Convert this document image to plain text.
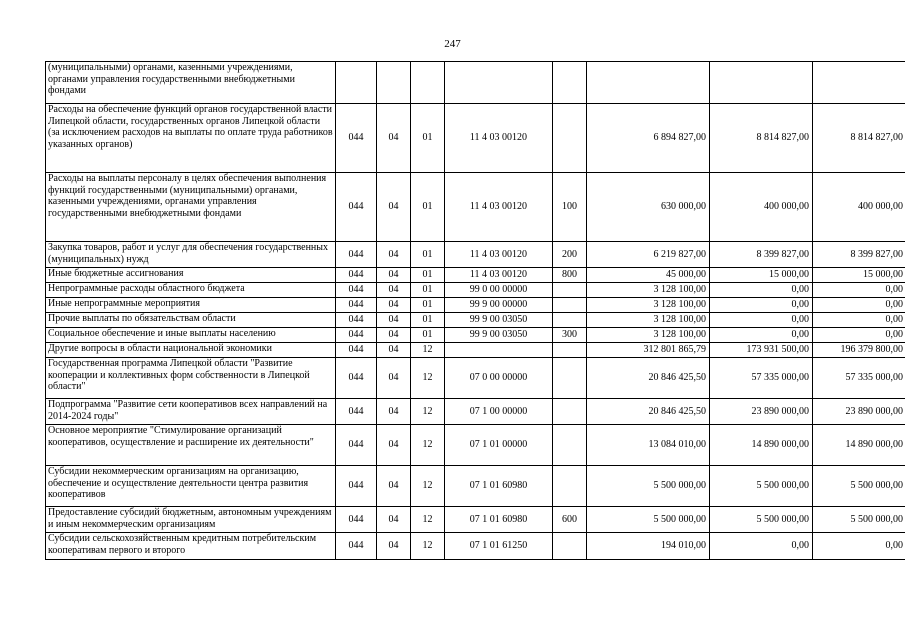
247
(муниципальными) органами, казенными учреждениями, органами управления государственными внебюджетными фондами								
Расходы на обеспечение функций органов государственной власти Липецкой области, государственных органов Липецкой области (за исключением расходов на выплаты по оплате труда работников указанных органов)	044	04	01	11 4 03 00120		6 894 827,00	8 814 827,00	8 814 827,00
Расходы на выплаты персоналу в целях обеспечения выполнения функций государственными (муниципальными) органами, казенными учреждениями, органами управления государственными внебюджетными фондами	044	04	01	11 4 03 00120	100	630 000,00	400 000,00	400 000,00
Закупка товаров, работ и услуг для обеспечения государственных (муниципальных) нужд	044	04	01	11 4 03 00120	200	6 219 827,00	8 399 827,00	8 399 827,00
Иные бюджетные ассигнования	044	04	01	11 4 03 00120	800	45 000,00	15 000,00	15 000,00
Непрограммные расходы областного бюджета	044	04	01	99 0 00 00000		3 128 100,00	0,00	0,00
Иные непрограммные мероприятия	044	04	01	99 9 00 00000		3 128 100,00	0,00	0,00
Прочие выплаты по обязательствам области	044	04	01	99 9 00 03050		3 128 100,00	0,00	0,00
Социальное обеспечение и иные выплаты населению	044	04	01	99 9 00 03050	300	3 128 100,00	0,00	0,00
Другие вопросы в области национальной экономики	044	04	12			312 801 865,79	173 931 500,00	196 379 800,00
Государственная программа Липецкой области "Развитие кооперации и коллективных форм собственности в Липецкой области"	044	04	12	07 0 00 00000		20 846 425,50	57 335 000,00	57 335 000,00
Подпрограмма "Развитие сети кооперативов всех направлений на 2014-2024 годы"	044	04	12	07 1 00 00000		20 846 425,50	23 890 000,00	23 890 000,00
Основное мероприятие "Стимулирование организаций кооперативов, осуществление и расширение их деятельности"	044	04	12	07 1 01 00000		13 084 010,00	14 890 000,00	14 890 000,00
Субсидии некоммерческим организациям на организацию, обеспечение и осуществление деятельности центра развития кооперативов	044	04	12	07 1 01 60980		5 500 000,00	5 500 000,00	5 500 000,00
Предоставление субсидий бюджетным, автономным учреждениям и иным некоммерческим организациям	044	04	12	07 1 01 60980	600	5 500 000,00	5 500 000,00	5 500 000,00
Субсидии сельскохозяйственным кредитным потребительским кооперативам первого и второго	044	04	12	07 1 01 61250		194 010,00	0,00	0,00
